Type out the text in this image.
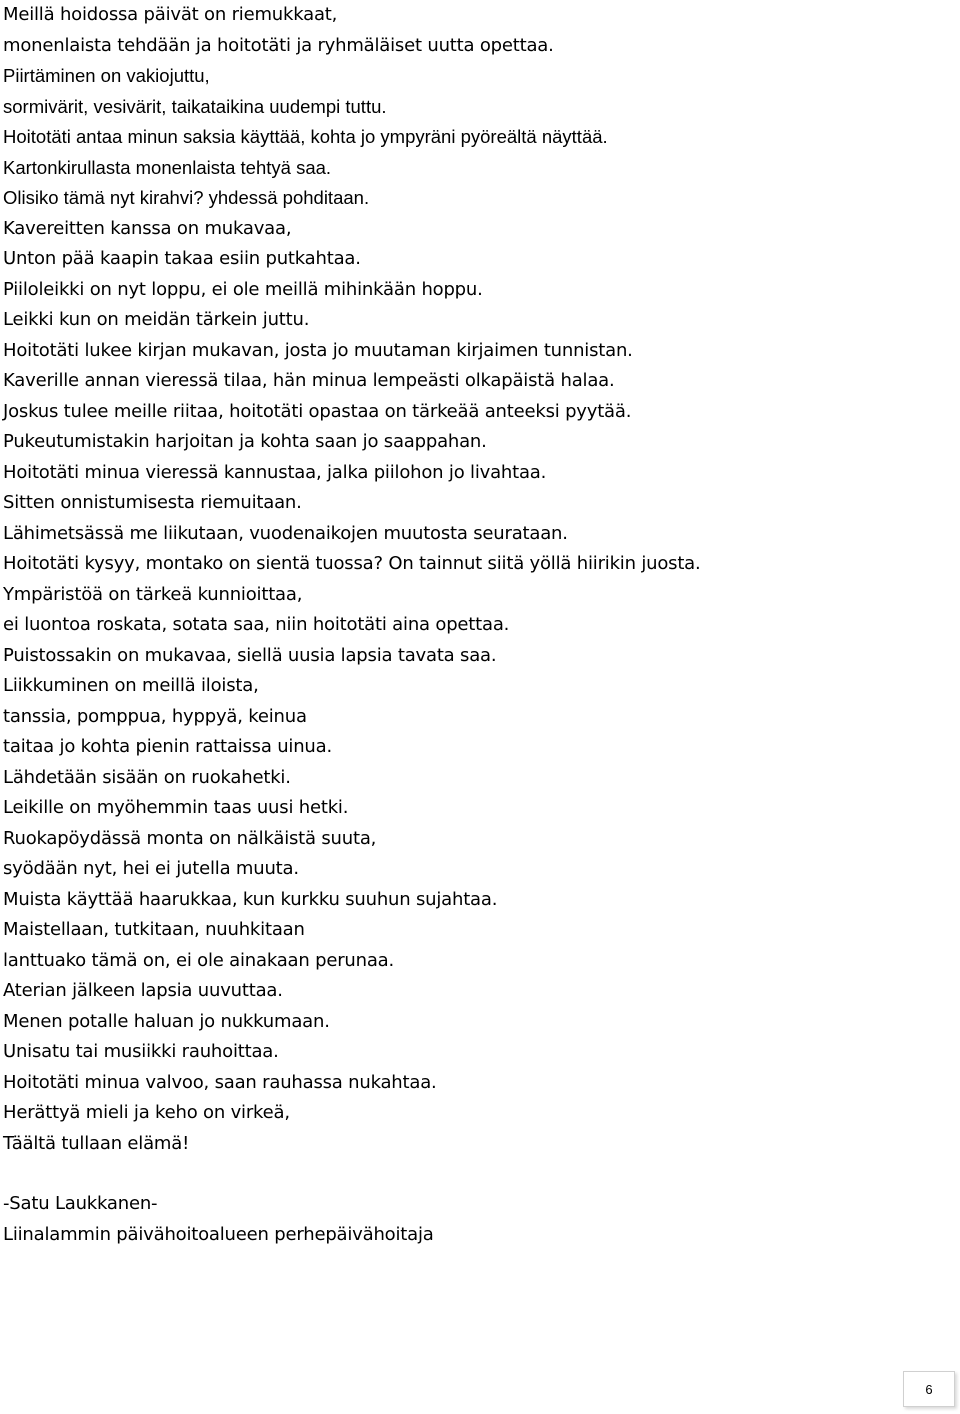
Meillä hoidossa päivät on riemukkaat,
monenlaista tehdään ja hoitotäti ja ryhmäläiset uutta opettaa.
Piirtäminen on vakiojuttu,
sormivärit, vesivärit, taikataikina uudempi tuttu.
Hoitotäti antaa minun saksia käyttää, kohta jo ympyräni pyöreältä näyttää.
Kartonkirullasta monenlaista tehtyä saa.
Olisiko tämä nyt kirahvi? yhdessä pohditaan.
Kavereitten kanssa on mukavaa,
Unton pää kaapin takaa esiin putkahtaa.
Piiloleikki on nyt loppu, ei ole meillä mihinkään hoppu.
Leikki kun on meidän tärkein juttu.
Hoitotäti lukee kirjan mukavan, josta jo muutaman kirjaimen tunnistan.
Kaverille annan vieressä tilaa, hän minua lempeästi olkapäistä halaa.
Joskus tulee meille riitaa, hoitotäti opastaa on tärkeää anteeksi pyytää.
Pukeutumistakin harjoitan ja kohta saan jo saappahan.
Hoitotäti minua vieressä kannustaa, jalka piilohon jo livahtaa.
Sitten onnistumisesta riemuitaan.
Lähimetsässä me liikutaan, vuodenaikojen muutosta seurataan.
Hoitotäti kysyy, montako on sientä tuossa? On tainnut siitä yöllä hiirikin juosta.
Ympäristöä on tärkeä kunnioittaa,
ei luontoa roskata, sotata saa, niin hoitotäti aina opettaa.
Puistossakin on mukavaa, siellä uusia lapsia tavata saa.
Liikkuminen on meillä iloista,
tanssia, pomppua, hyppyä, keinua
taitaa jo kohta pienin rattaissa uinua.
Lähdetään sisään on ruokahetki.
Leikille on myöhemmin taas uusi hetki.
Ruokapöydässä monta on nälkäistä suuta,
syödään nyt, hei ei jutella muuta.
Muista käyttää haarukkaa, kun kurkku suuhun sujahtaa.
Maistellaan, tutkitaan, nuuhkitaan
lanttuako tämä on, ei ole ainakaan perunaa.
Aterian jälkeen lapsia uuvuttaa.
Menen potalle haluan jo nukkumaan.
Unisatu tai musiikki rauhoittaa.
Hoitotäti minua valvoo, saan rauhassa nukahtaa.
Herättyä mieli ja keho on virkeä,
Täältä tullaan elämä!
-Satu Laukkanen-
Liinalammin päivähoitoalueen perhepäivähoitaja
6
